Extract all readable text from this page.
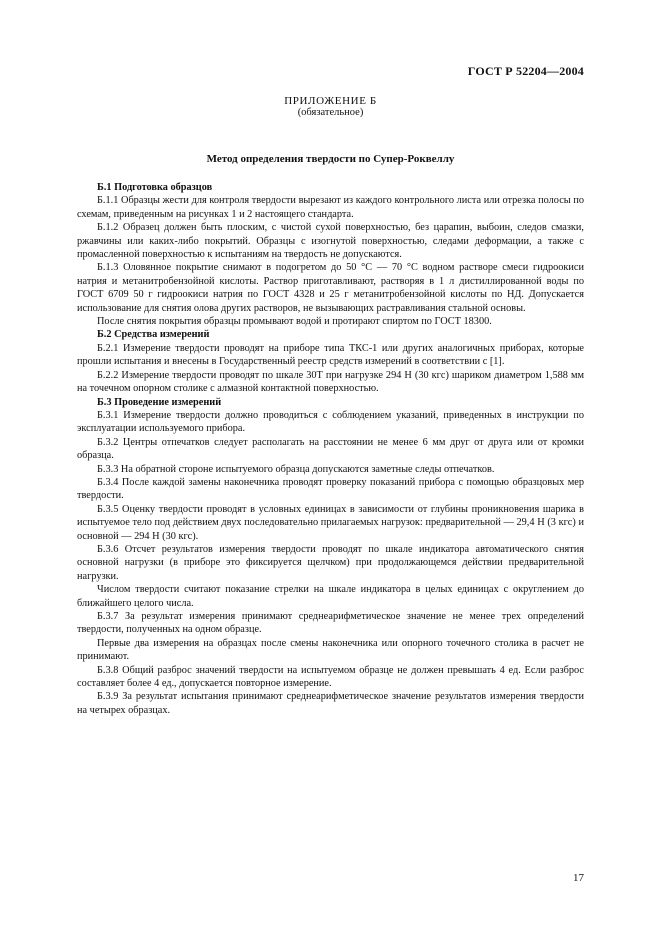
ГОСТ Р 52204—2004
ПРИЛОЖЕНИЕ Б
(обязательное)
Метод определения твердости по Супер-Роквеллу

Б.1 Подготовка образцов

Б.1.1 Образцы жести для контроля твердости вырезают из каждого контрольного листа или отрезка полосы по схемам, приведенным на рисунках 1 и 2 настоящего стандарта.

Б.1.2 Образец должен быть плоским, с чистой сухой поверхностью, без царапин, выбоин, следов смазки, ржавчины или каких-либо покрытий. Образцы с изогнутой поверхностью, следами деформации, а также с промасленной поверхностью к испытаниям на твердость не допускаются.

Б.1.3 Оловянное покрытие снимают в подогретом до 50 °С — 70 °С водном растворе смеси гидроокиси натрия и метанитробензойной кислоты. Раствор приготавливают, растворяя в 1 л дистиллированной воды по ГОСТ 6709 50 г гидроокиси натрия по ГОСТ 4328 и 25 г метанитробензойной кислоты по НД. Допускается использование для снятия олова других растворов, не вызывающих растравливания стальной основы.

После снятия покрытия образцы промывают водой и протирают спиртом по ГОСТ 18300.

Б.2 Средства измерений

Б.2.1 Измерение твердости проводят на приборе типа ТКС-1 или других аналогичных приборах, которые прошли испытания и внесены в Государственный реестр средств измерений в соответствии с [1].

Б.2.2 Измерение твердости проводят по шкале 30Т при нагрузке 294 Н (30 кгс) шариком диаметром 1,588 мм на точечном опорном столике с алмазной контактной поверхностью.

Б.3 Проведение измерений

Б.3.1 Измерение твердости должно проводиться с соблюдением указаний, приведенных в инструкции по эксплуатации используемого прибора.

Б.3.2 Центры отпечатков следует располагать на расстоянии не менее 6 мм друг от друга или от кромки образца.

Б.3.3 На обратной стороне испытуемого образца допускаются заметные следы отпечатков.

Б.3.4 После каждой замены наконечника проводят проверку показаний прибора с помощью образцовых мер твердости.

Б.3.5 Оценку твердости проводят в условных единицах в зависимости от глубины проникновения шарика в испытуемое тело под действием двух последовательно прилагаемых нагрузок: предварительной — 29,4 Н (3 кгс) и основной — 294 Н (30 кгс).

Б.3.6 Отсчет результатов измерения твердости проводят по шкале индикатора автоматического снятия основной нагрузки (в приборе это фиксируется щелчком) при продолжающемся действии предварительной нагрузки.

Числом твердости считают показание стрелки на шкале индикатора в целых единицах с округлением до ближайшего целого числа.

Б.3.7 За результат измерения принимают среднеарифметическое значение не менее трех определений твердости, полученных на одном образце.

Первые два измерения на образцах после смены наконечника или опорного точечного столика в расчет не принимают.

Б.3.8 Общий разброс значений твердости на испытуемом образце не должен превышать 4 ед. Если разброс составляет более 4 ед., допускается повторное измерение.

Б.3.9 За результат испытания принимают среднеарифметическое значение результатов измерения твердости на четырех образцах.

17
